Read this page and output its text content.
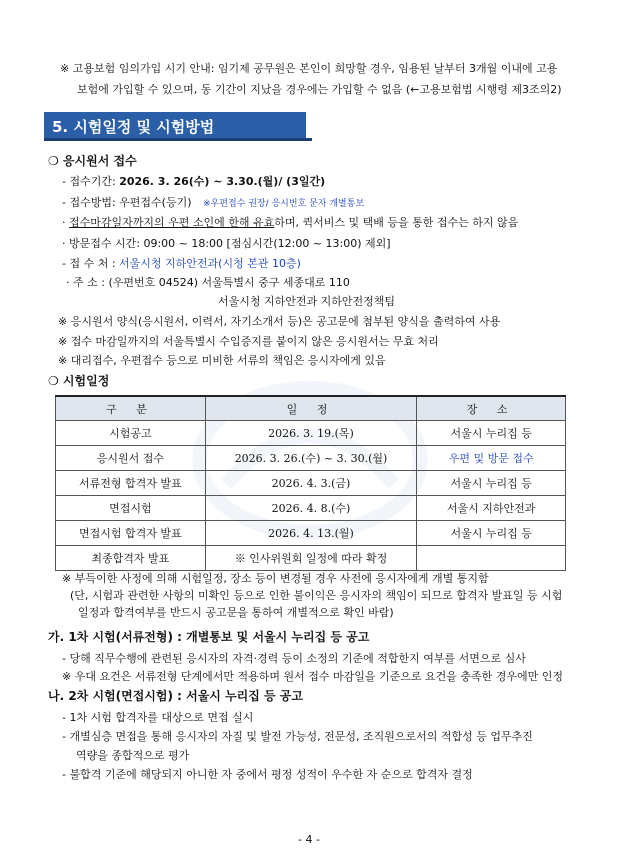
※ 고용보험 임의가입 시기 안내: 임기제 공무원은 본인이 희망할 경우, 임용된 날부터 3개월 이내에 고용
보험에 가입할 수 있으며, 동 기간이 지났을 경우에는 가입할 수 없음 (←고용보험법 시행령 제3조의2)
5. 시험일정 및 시험방법
❍ 응시원서 접수
- 접수기간: 2026. 3. 26(수) ~ 3.30.(월)/ (3일간)
- 접수방법: 우편접수(등기) ※우편접수 권장/ 응시번호 문자 개별통보
· 접수마감일자까지의 우편 소인에 한해 유효하며, 퀵서비스 및 택배 등을 통한 접수는 하지 않음
· 방문접수 시간: 09:00 ~ 18:00 [점심시간(12:00 ~ 13:00) 제외]
- 접 수 처 : 서울시청 지하안전과(시청 본관 10층)
· 주 소 : (우편번호 04524) 서울특별시 중구 세종대로 110
서울시청 지하안전과 지하안전정책팀
※ 응시원서 양식(응시원서, 이력서, 자기소개서 등)은 공고문에 첨부된 양식을 출력하여 사용
※ 접수 마감일까지의 서울특별시 수입증지를 붙이지 않은 응시원서는 무효 처리
※ 대리접수, 우편접수 등으로 미비한 서류의 책임은 응시자에게 있음
❍ 시험일정
구 분	일 정	장 소
시험공고	2026. 3. 19.(목)	서울시 누리집 등
응시원서 접수	2026. 3. 26.(수) ~ 3. 30.(월)	우편 및 방문 접수
서류전형 합격자 발표	2026. 4. 3.(금)	서울시 누리집 등
면접시험	2026. 4. 8.(수)	서울시 지하안전과
면접시험 합격자 발표	2026. 4. 13.(월)	서울시 누리집 등
최종합격자 발표	※ 인사위원회 일정에 따라 확정	
※ 부득이한 사정에 의해 시험일정, 장소 등이 변경될 경우 사전에 응시자에게 개별 통지함
(단, 시험과 관련한 사항의 미확인 등으로 인한 불이익은 응시자의 책임이 되므로 합격자 발표일 등 시험
일정과 합격여부를 반드시 공고문을 통하여 개별적으로 확인 바람)
가. 1차 시험(서류전형) : 개별통보 및 서울시 누리집 등 공고
- 당해 직무수행에 관련된 응시자의 자격·경력 등이 소정의 기준에 적합한지 여부를 서면으로 심사
※ 우대 요건은 서류전형 단계에서만 적용하며 원서 접수 마감일을 기준으로 요건을 충족한 경우에만 인정
나. 2차 시험(면접시험) : 서울시 누리집 등 공고
- 1차 시험 합격자를 대상으로 면접 실시
- 개별심층 면접을 통해 응시자의 자질 및 발전 가능성, 전문성, 조직원으로서의 적합성 등 업무추진
역량을 종합적으로 평가
- 불합격 기준에 해당되지 아니한 자 중에서 평정 성적이 우수한 자 순으로 합격자 결정
- 4 -
